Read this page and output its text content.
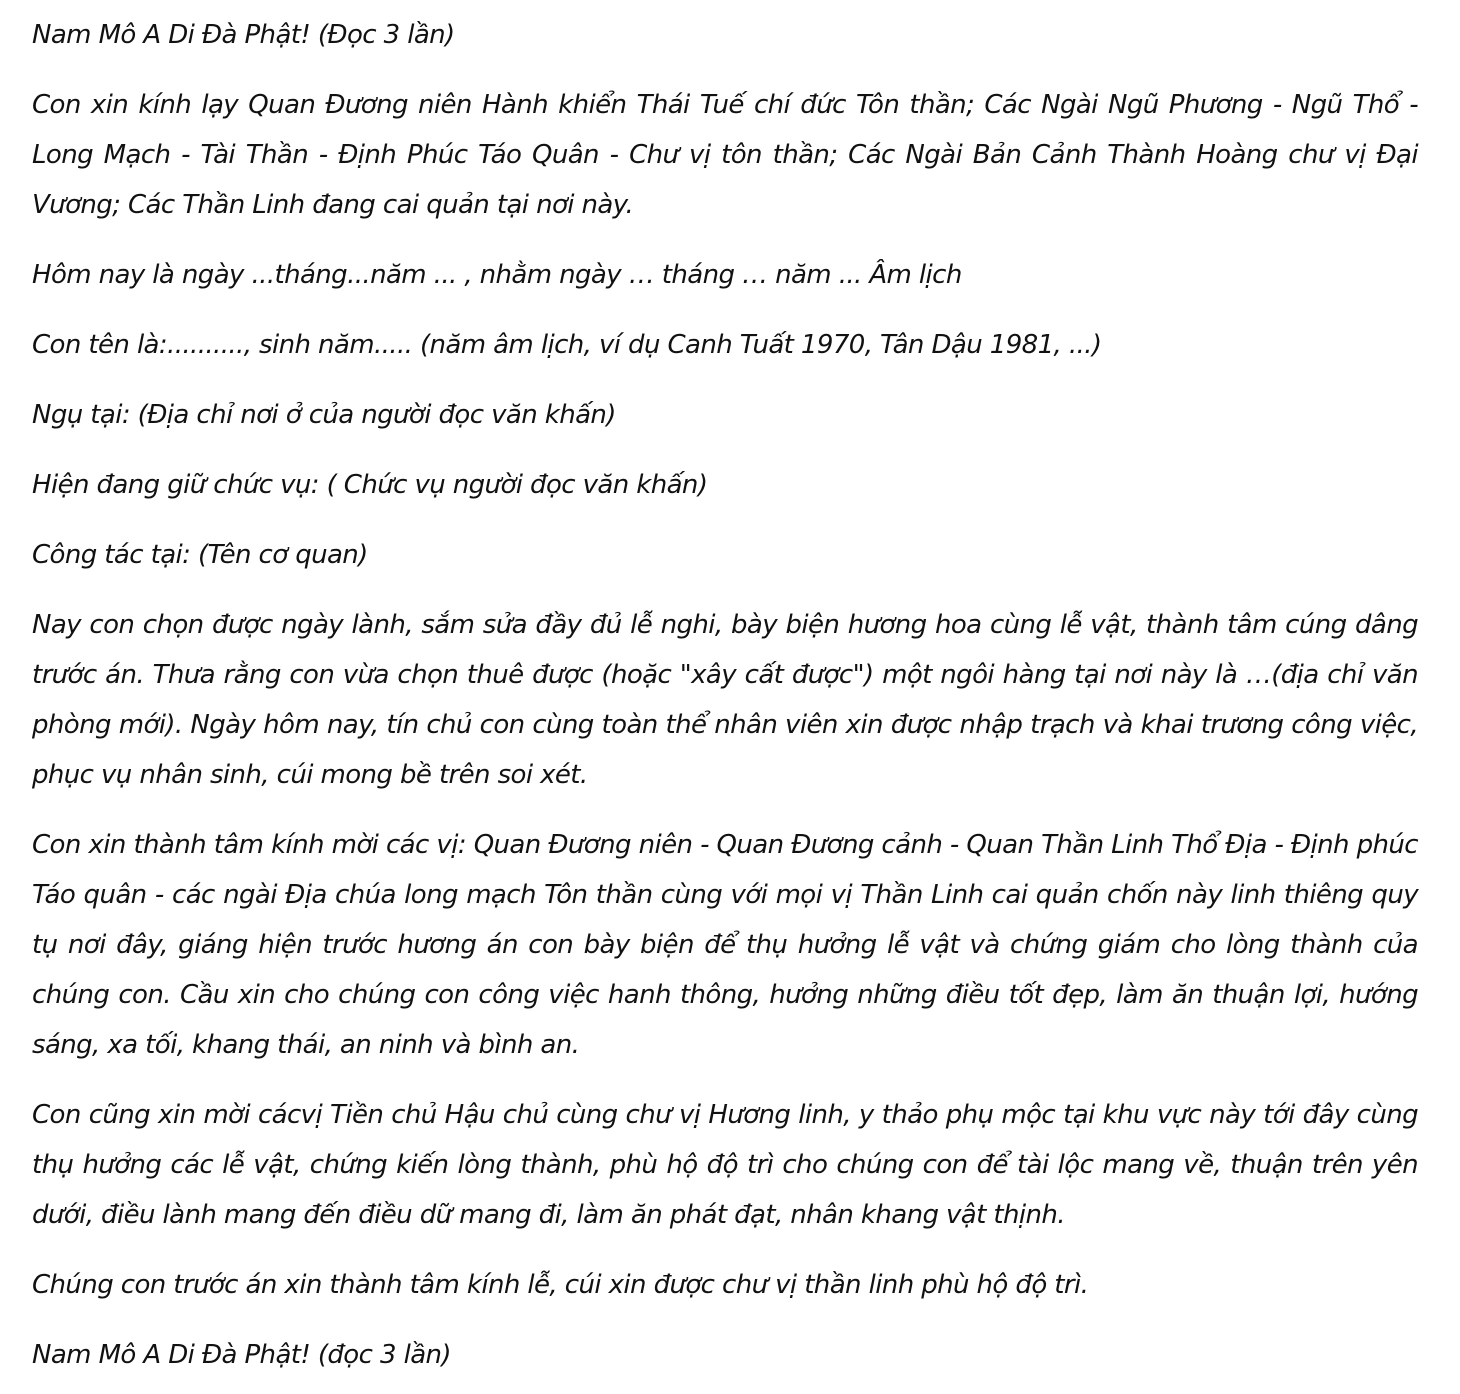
Nam Mô A Di Đà Phật! (Đọc 3 lần)

Con xin kính lạy Quan Đương niên Hành khiển Thái Tuế chí đức Tôn thần; Các Ngài Ngũ Phương - Ngũ Thổ - Long Mạch - Tài Thần - Định Phúc Táo Quân - Chư vị tôn thần; Các Ngài Bản Cảnh Thành Hoàng chư vị Đại Vương; Các Thần Linh đang cai quản tại nơi này.

Hôm nay là ngày ...tháng...năm ... , nhằm ngày … tháng … năm ... Âm lịch

Con tên là:.........., sinh năm..... (năm âm lịch, ví dụ Canh Tuất 1970, Tân Dậu 1981, ...)

Ngụ tại: (Địa chỉ nơi ở của người đọc văn khấn)

Hiện đang giữ chức vụ: ( Chức vụ người đọc văn khấn)

Công tác tại: (Tên cơ quan)

Nay con chọn được ngày lành, sắm sửa đầy đủ lễ nghi, bày biện hương hoa cùng lễ vật, thành tâm cúng dâng trước án. Thưa rằng con vừa chọn thuê được (hoặc "xây cất được") một ngôi hàng tại nơi này là …(địa chỉ văn phòng mới). Ngày hôm nay, tín chủ con cùng toàn thể nhân viên xin được nhập trạch và khai trương công việc, phục vụ nhân sinh, cúi mong bề trên soi xét.

Con xin thành tâm kính mời các vị: Quan Đương niên - Quan Đương cảnh - Quan Thần Linh Thổ Địa - Định phúc Táo quân - các ngài Địa chúa long mạch Tôn thần cùng với mọi vị Thần Linh cai quản chốn này linh thiêng quy tụ nơi đây, giáng hiện trước hương án con bày biện để thụ hưởng lễ vật và chứng giám cho lòng thành của chúng con. Cầu xin cho chúng con công việc hanh thông, hưởng những điều tốt đẹp, làm ăn thuận lợi, hướng sáng, xa tối, khang thái, an ninh và bình an.

Con cũng xin mời cácvị Tiền chủ Hậu chủ cùng chư vị Hương linh, y thảo phụ mộc tại khu vực này tới đây cùng thụ hưởng các lễ vật, chứng kiến lòng thành, phù hộ độ trì cho chúng con để tài lộc mang về, thuận trên yên dưới, điều lành mang đến điều dữ mang đi, làm ăn phát đạt, nhân khang vật thịnh.

Chúng con trước án xin thành tâm kính lễ, cúi xin được chư vị thần linh phù hộ độ trì.

Nam Mô A Di Đà Phật! (đọc 3 lần)
